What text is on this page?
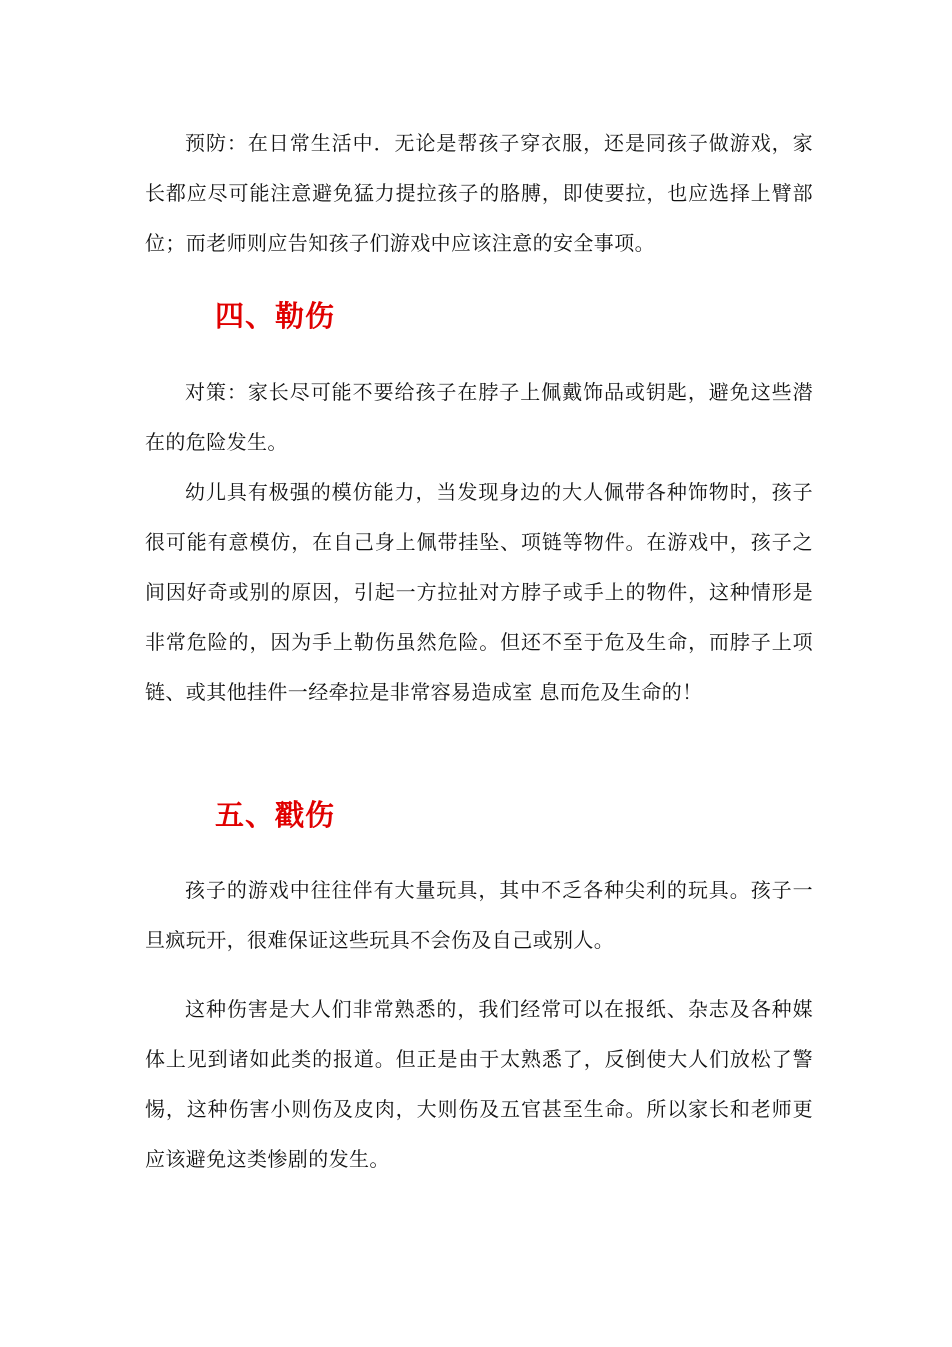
预防：在日常生活中．无论是帮孩子穿衣服，还是同孩子做游戏，家长都应尽可能注意避免猛力提拉孩子的胳膊，即使要拉，也应选择上臂部位；而老师则应告知孩子们游戏中应该注意的安全事项。

四、勒伤

对策：家长尽可能不要给孩子在脖子上佩戴饰品或钥匙，避免这些潜在的危险发生。

幼儿具有极强的模仿能力，当发现身边的大人佩带各种饰物时，孩子很可能有意模仿，在自己身上佩带挂坠、项链等物件。在游戏中，孩子之间因好奇或别的原因，引起一方拉扯对方脖子或手上的物件，这种情形是非常危险的，因为手上勒伤虽然危险。但还不至于危及生命，而脖子上项链、或其他挂件一经牵拉是非常容易造成室 息而危及生命的！

五、戳伤

孩子的游戏中往往伴有大量玩具，其中不乏各种尖利的玩具。孩子一旦疯玩开，很难保证这些玩具不会伤及自己或别人。

这种伤害是大人们非常熟悉的，我们经常可以在报纸、杂志及各种媒体上见到诸如此类的报道。但正是由于太熟悉了，反倒使大人们放松了警惕，这种伤害小则伤及皮肉，大则伤及五官甚至生命。所以家长和老师更应该避免这类惨剧的发生。
